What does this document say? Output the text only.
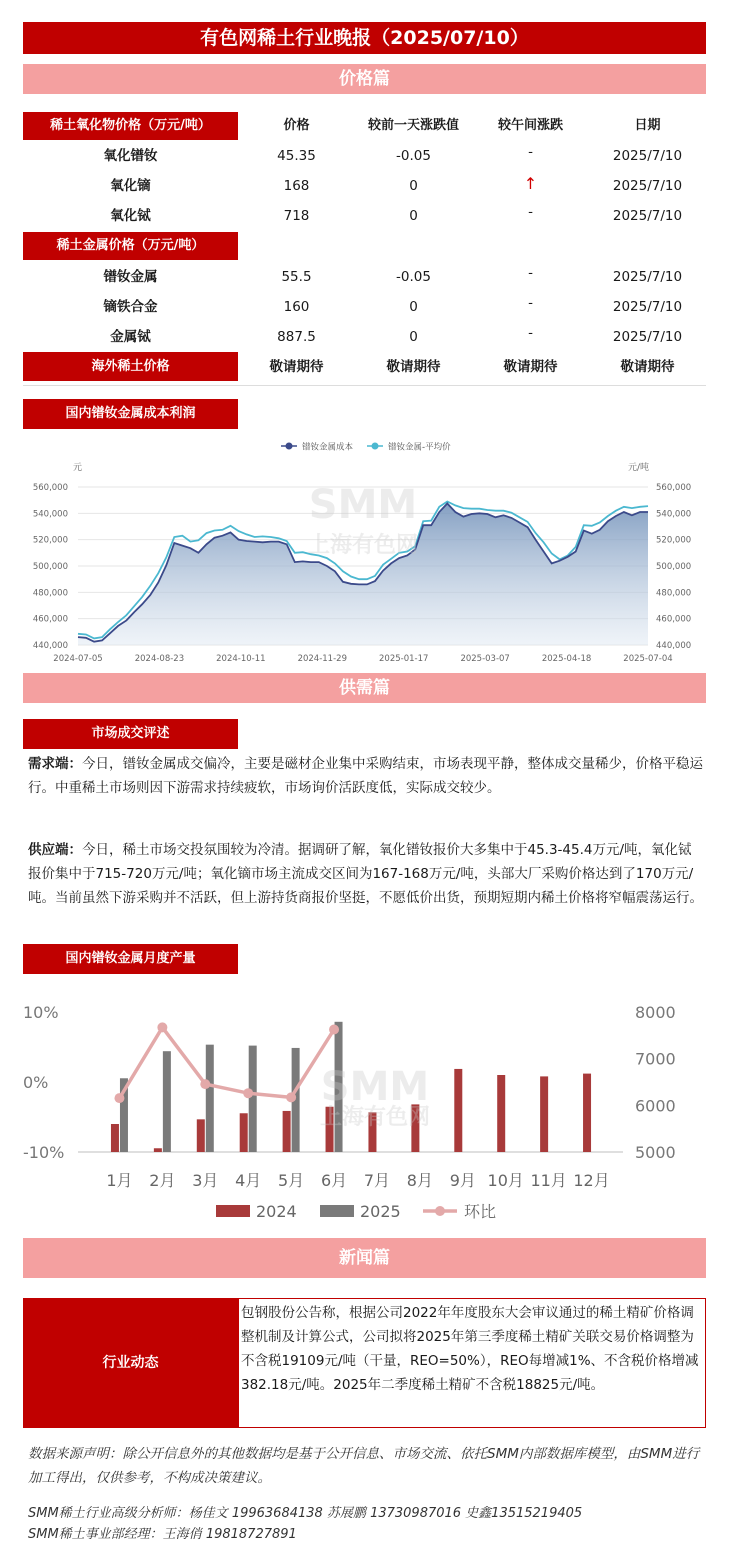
有色网稀土行业晚报（2025/07/10）
价格篇
稀土氧化物价格（万元/吨）	价格	较前一天涨跌值	较午间涨跌	日期
氧化镨钕	45.35	-0.05	-	2025/7/10
氧化镝	168	0	↑	2025/7/10
氧化铽	718	0	-	2025/7/10
稀土金属价格（万元/吨）
镨钕金属	55.5	-0.05	-	2025/7/10
镝铁合金	160	0	-	2025/7/10
金属铽	887.5	0	-	2025/7/10
海外稀土价格	敬请期待	敬请期待	敬请期待	敬请期待
国内镨钕金属成本利润
镨钕金属成本	镨钕金属-平均价
元	元/吨
560,000	560,000
540,000	540,000
520,000	520,000
500,000	500,000
480,000	480,000
460,000	460,000
440,000	440,000
2024-07-05	2024-08-23	2024-10-11	2024-11-29	2025-01-17	2025-03-07	2025-04-18	2025-07-04
SMM
上海有色网
供需篇
市场成交评述
需求端：今日，镨钕金属成交偏冷，主要是磁材企业集中采购结束，市场表现平静，整体成交量稀少，价格平稳运行。中重稀土市场则因下游需求持续疲软，市场询价活跃度低，实际成交较少。
供应端：今日，稀土市场交投氛围较为冷清。据调研了解，氧化镨钕报价大多集中于45.3-45.4万元/吨，氧化铽报价集中于715-720万元/吨；氧化镝市场主流成交区间为167-168万元/吨，头部大厂采购价格达到了170万元/吨。当前虽然下游采购并不活跃，但上游持货商报价坚挺，不愿低价出货，预期短期内稀土价格将窄幅震荡运行。
国内镨钕金属月度产量
10%
0%
-10%
8000
7000
6000
5000
1月 2月 3月 4月 5月 6月 7月 8月 9月 10月 11月 12月
SMM
上海有色网
2024	2025	环比
新闻篇
行业动态
包钢股份公告称，根据公司2022年年度股东大会审议通过的稀土精矿价格调整机制及计算公式，公司拟将2025年第三季度稀土精矿关联交易价格调整为不含税19109元/吨（干量，REO=50%），REO每增减1%、不含税价格增减382.18元/吨。2025年二季度稀土精矿不含税18825元/吨。
数据来源声明：除公开信息外的其他数据均是基于公开信息、市场交流、依托SMM内部数据库模型，由SMM进行加工得出，仅供参考，不构成决策建议。
SMM稀土行业高级分析师：杨佳文 19963684138 苏展鹏 13730987016 史鑫13515219405
SMM稀土事业部经理：王海俏 19818727891
